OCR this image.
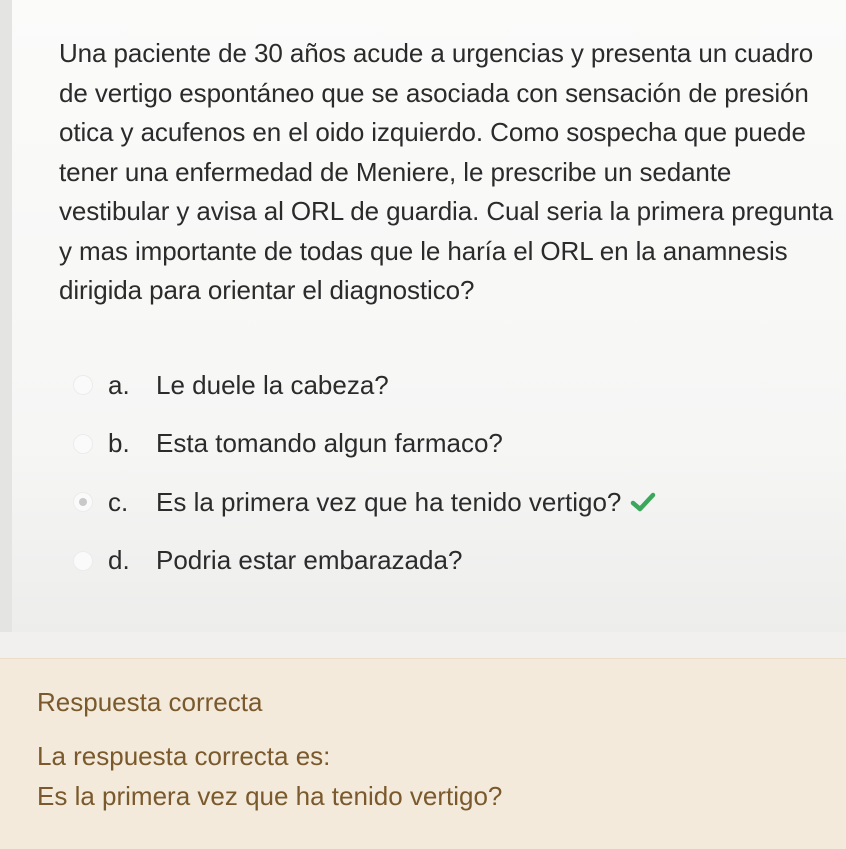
Una paciente de 30 años acude a urgencias y presenta un cuadro de vertigo espontáneo que se asociada con sensación de presión otica y acufenos en el oido izquierdo. Como sospecha que puede tener una enfermedad de Meniere, le prescribe un sedante vestibular y avisa al ORL de guardia. Cual seria la primera pregunta y mas importante de todas que le haría el ORL en la anamnesis dirigida para orientar el diagnostico?

a. Le duele la cabeza?
b. Esta tomando algun farmaco?
c. Es la primera vez que ha tenido vertigo?
d. Podria estar embarazada?
Respuesta correcta
La respuesta correcta es:
Es la primera vez que ha tenido vertigo?
